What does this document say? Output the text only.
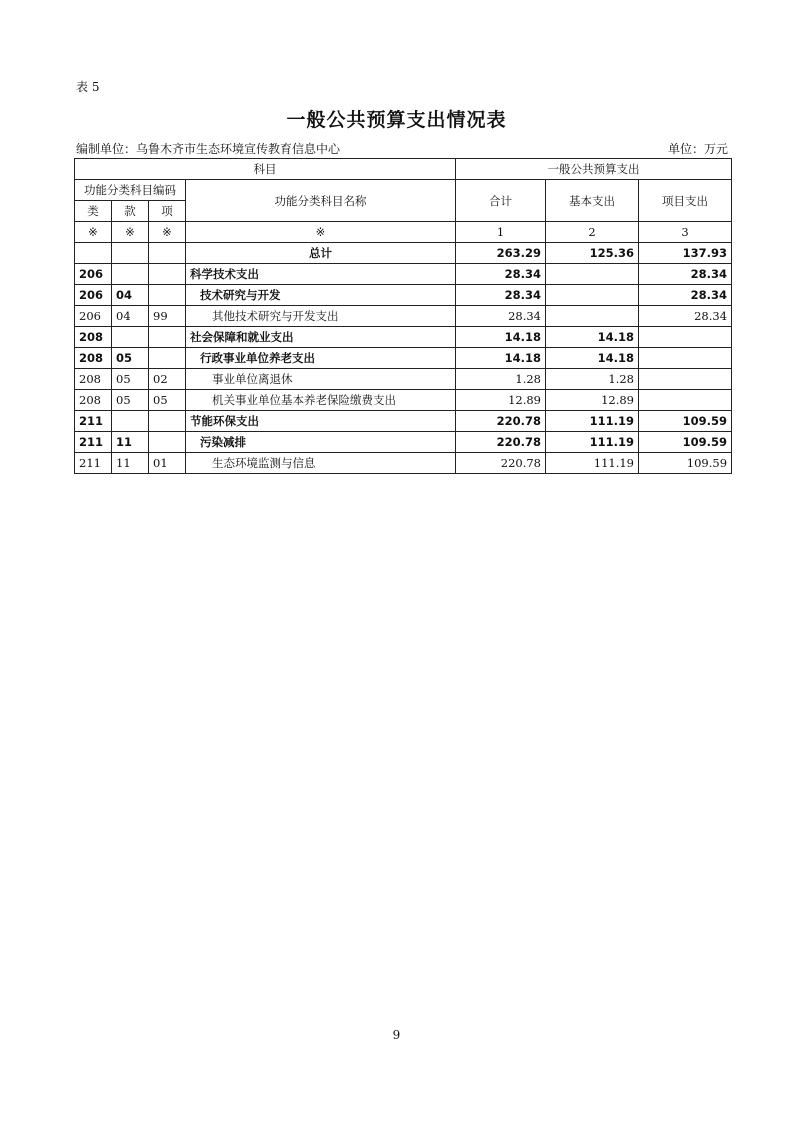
表 5
一般公共预算支出情况表
编制单位：乌鲁木齐市生态环境宣传教育信息中心	单位：万元
科目				一般公共预算支出		
功能分类科目编码			功能分类科目名称	合计	基本支出	项目支出
类	款	项				
※	※	※	※	1	2	3
			总计	263.29	125.36	137.93
206			科学技术支出	28.34		28.34
206	04		技术研究与开发	28.34		28.34
206	04	99	其他技术研究与开发支出	28.34		28.34
208			社会保障和就业支出	14.18	14.18	
208	05		行政事业单位养老支出	14.18	14.18	
208	05	02	事业单位离退休	1.28	1.28	
208	05	05	机关事业单位基本养老保险缴费支出	12.89	12.89	
211			节能环保支出	220.78	111.19	109.59
211	11		污染减排	220.78	111.19	109.59
211	11	01	生态环境监测与信息	220.78	111.19	109.59
9
